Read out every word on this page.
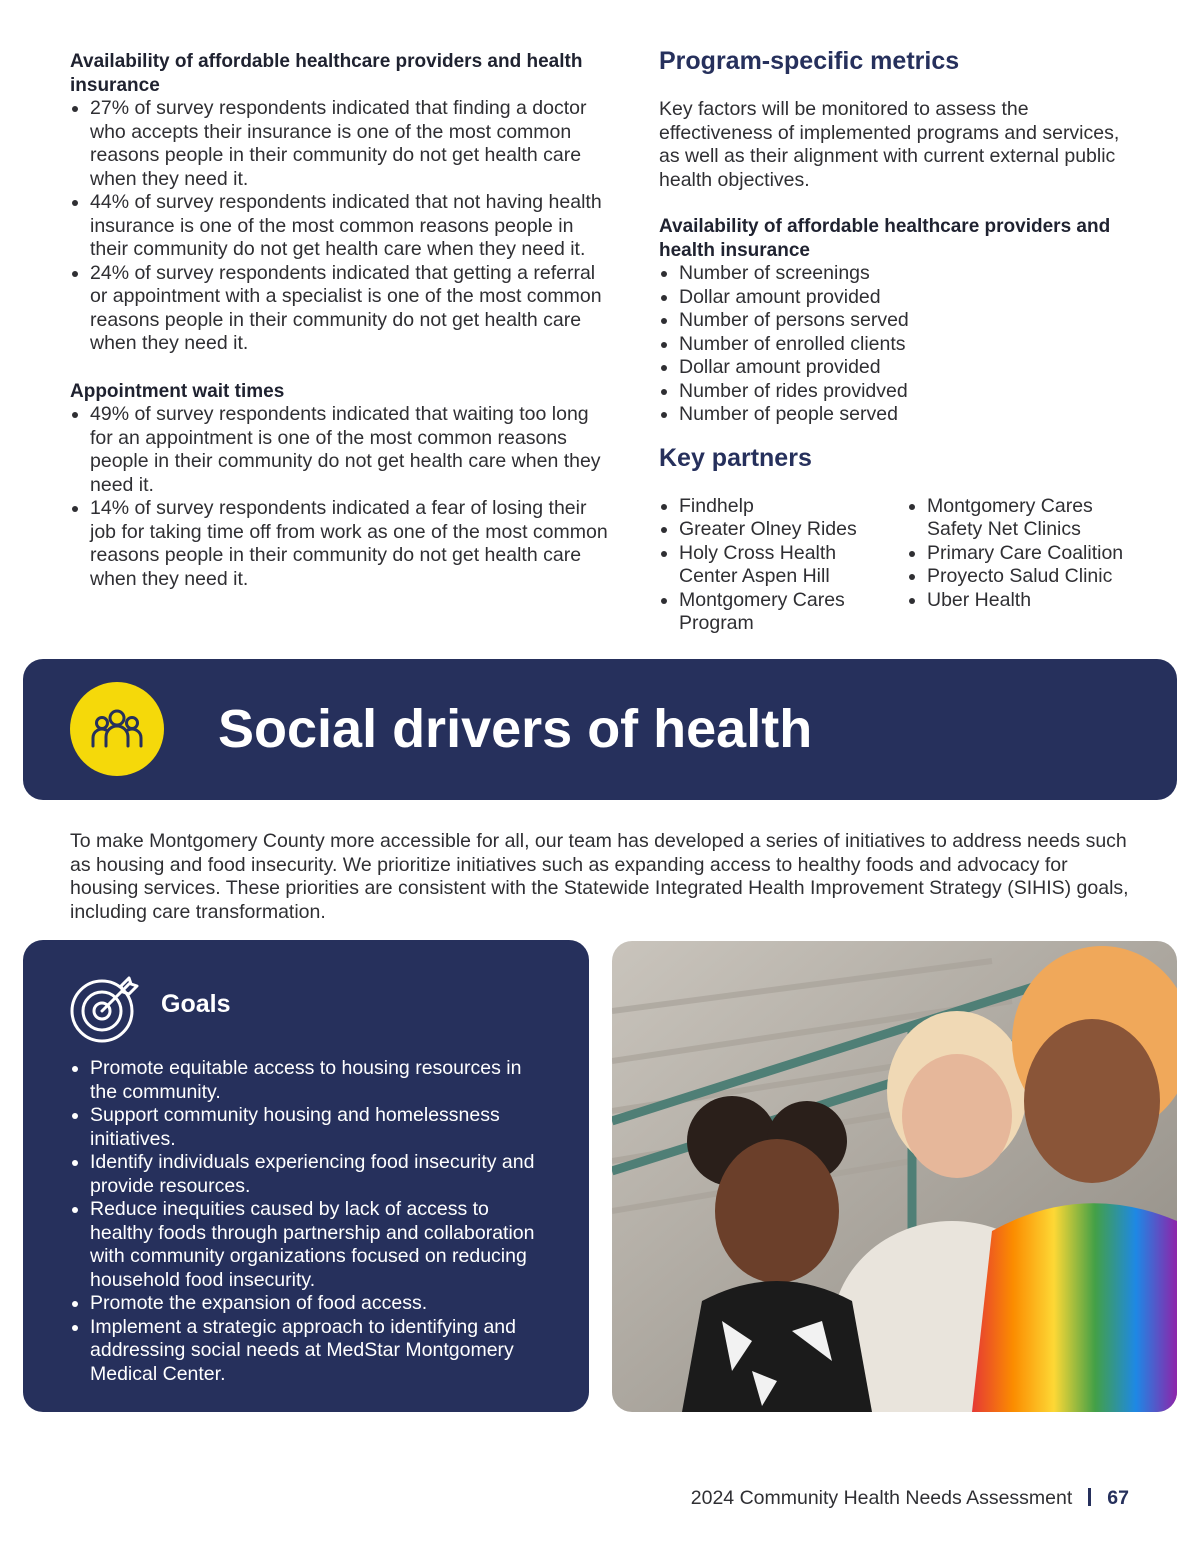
Availability of affordable healthcare providers and health insurance

27% of survey respondents indicated that finding a doctor who accepts their insurance is one of the most common reasons people in their community do not get health care when they need it.
44% of survey respondents indicated that not having health insurance is one of the most common reasons people in their community do not get health care when they need it.
24% of survey respondents indicated that getting a referral or appointment with a specialist is one of the most common reasons people in their community do not get health care when they need it.

Appointment wait times

49% of survey respondents indicated that waiting too long for an appointment is one of the most common reasons people in their community do not get health care when they need it.
14% of survey respondents indicated a fear of losing their job for taking time off from work as one of the most common reasons people in their community do not get health care when they need it.
Program-specific metrics

Key factors will be monitored to assess the effectiveness of implemented programs and services, as well as their alignment with current external public health objectives.

Availability of affordable healthcare providers and health insurance

Number of screenings
Dollar amount provided
Number of persons served
Number of enrolled clients
Dollar amount provided
Number of rides providved
Number of people served
Key partners
Findhelp
Greater Olney Rides
Holy Cross Health Center Aspen Hill
Montgomery Cares Program
Montgomery Cares Safety Net Clinics
Primary Care Coalition
Proyecto Salud Clinic
Uber Health
Social drivers of health

To make Montgomery County more accessible for all, our team has developed a series of initiatives to address needs such as housing and food insecurity. We prioritize initiatives such as expanding access to healthy foods and advocacy for housing services. These priorities are consistent with the Statewide Integrated Health Improvement Strategy (SIHIS) goals, including care transformation.

Goals
Promote equitable access to housing resources in the community.
Support community housing and homelessness initiatives.
Identify individuals experiencing food insecurity and provide resources.
Reduce inequities caused by lack of access to healthy foods through partnership and collaboration with community organizations focused on reducing household food insecurity.
Promote the expansion of food access.
Implement a strategic approach to identifying and addressing social needs at MedStar Montgomery Medical Center.
2024 Community Health Needs Assessment 67
